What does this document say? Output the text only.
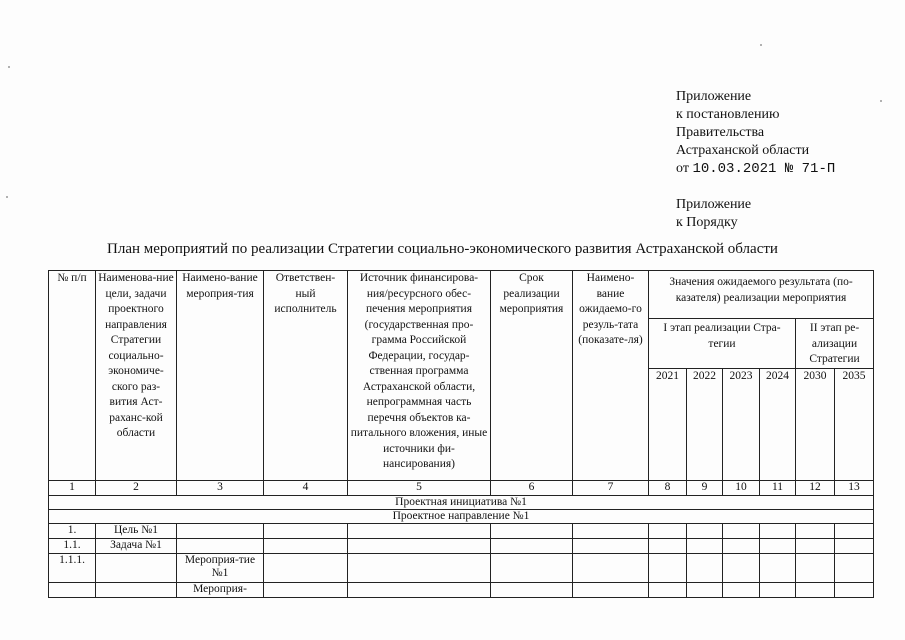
Приложение
к постановлению
Правительства
Астраханской области
от 10.03.2021 № 71-П
Приложение
к Порядку
План мероприятий по реализации Стратегии социально-экономического развития Астраханской области
№ п/п	Наименова-ние цели, задачи проектного направления Стратегии социально-экономиче-ского раз-вития Аст-раханс-кой области	Наимено-вание мероприя-тия	Ответствен-ный исполнитель	Источник финансирова-ния/ресурсного обес-печения мероприятия (государственная про-грамма Российской Федерации, государ-ственная программа Астраханской области, непрограммная часть перечня объектов ка-питального вложения, иные источники фи-нансирования)	Срок реализации мероприятия	Наимено-вание ожидаемо-го резуль-тата (показате-ля)	Значения ожидаемого результата (по-казателя) реализации мероприятия					
							I этап реализации Стра-тегии				II этап ре-ализации Стратегии	
							2021	2022	2023	2024	2030	2035
1	2	3	4	5	6	7	8	9	10	11	12	13
Проектная инициатива №1												
Проектное направление №1												
1.	Цель №1											
1.1.	Задача №1											
1.1.1.		Мероприя-тие №1										
		Мероприя-										
